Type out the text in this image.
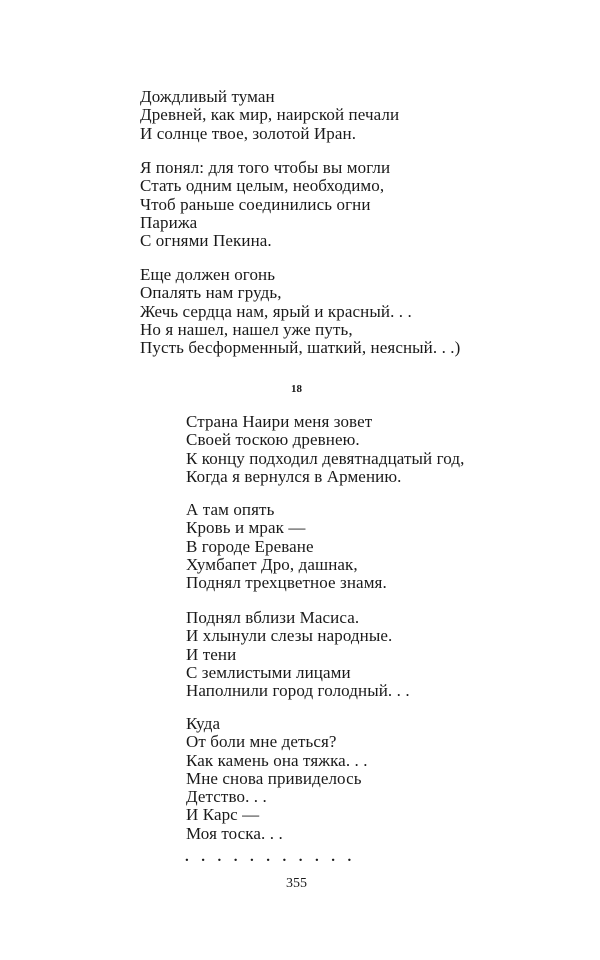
Дождливый туман
Древней, как мир, наирской печали
И солнце твое, золотой Иран.
Я понял: для того чтобы вы могли
Стать одним целым, необходимо,
Чтоб раньше соединились огни
Парижа
С огнями Пекина.
Еще должен огонь
Опалять нам грудь,
Жечь сердца нам, ярый и красный. . .
Но я нашел, нашел уже путь,
Пусть бесформенный, шаткий, неясный. . .)
18
Страна Наири меня зовет
Своей тоскою древнею.
К концу подходил девятнадцатый год,
Когда я вернулся в Армению.
А там опять
Кровь и мрак —
В городе Ереване
Хумбапет Дро, дашнак,
Поднял трехцветное знамя.
Поднял вблизи Масиса.
И хлынули слезы народные.
И тени
С землистыми лицами
Наполнили город голодный. . .
Куда
От боли мне деться?
Как камень она тяжка. . .
Мне снова привиделось
Детство. . .
И Карс —
Моя тоска. . .
...........
355
